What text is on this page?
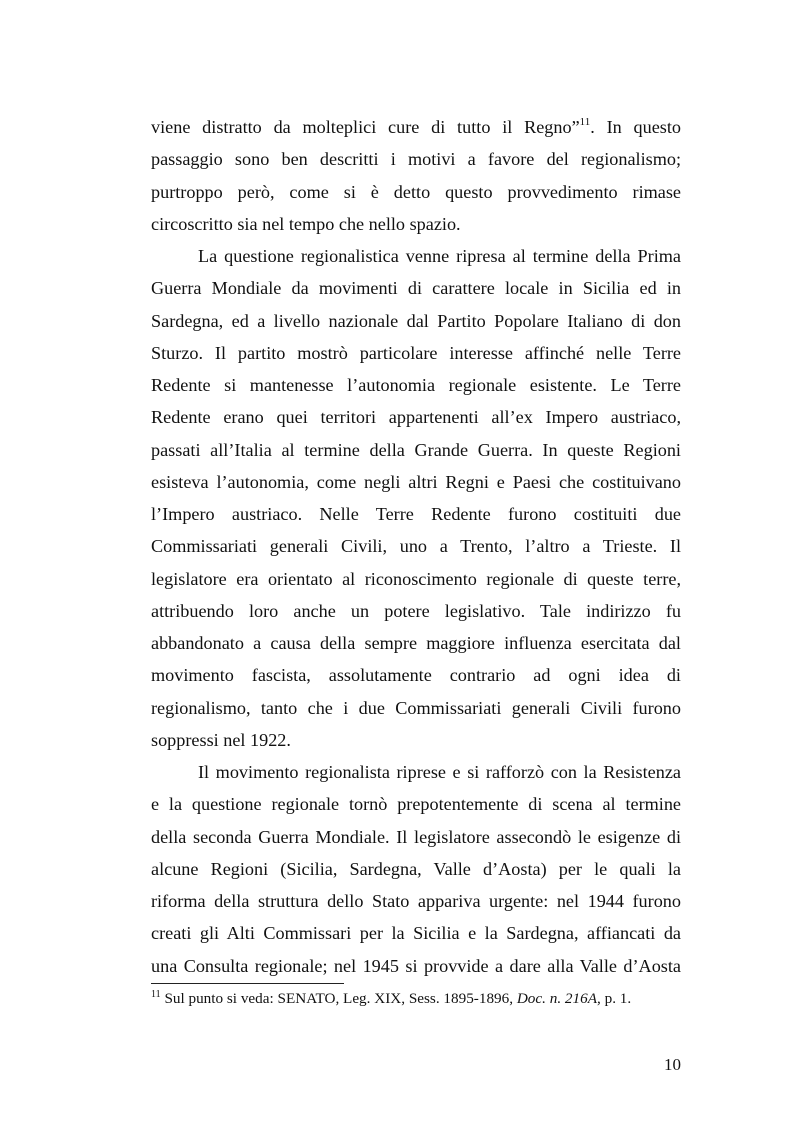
viene distratto da molteplici cure di tutto il Regno”$^{11}$. In questo
passaggio sono ben descritti i motivi a favore del regionalismo;
purtroppo però, come si è detto questo provvedimento rimase
circoscritto sia nel tempo che nello spazio.
La questione regionalistica venne ripresa al termine della Prima
Guerra Mondiale da movimenti di carattere locale in Sicilia ed in
Sardegna, ed a livello nazionale dal Partito Popolare Italiano di don
Sturzo. Il partito mostrò particolare interesse affinché nelle Terre
Redente si mantenesse l’autonomia regionale esistente. Le Terre
Redente erano quei territori appartenenti all’ex Impero austriaco,
passati all’Italia al termine della Grande Guerra. In queste Regioni
esisteva l’autonomia, come negli altri Regni e Paesi che costituivano
l’Impero austriaco. Nelle Terre Redente furono costituiti due
Commissariati generali Civili, uno a Trento, l’altro a Trieste. Il
legislatore era orientato al riconoscimento regionale di queste terre,
attribuendo loro anche un potere legislativo. Tale indirizzo fu
abbandonato a causa della sempre maggiore influenza esercitata dal
movimento fascista, assolutamente contrario ad ogni idea di
regionalismo, tanto che i due Commissariati generali Civili furono
soppressi nel 1922.
Il movimento regionalista riprese e si rafforzò con la Resistenza
e la questione regionale tornò prepotentemente di scena al termine
della seconda Guerra Mondiale. Il legislatore assecondò le esigenze di
alcune Regioni (Sicilia, Sardegna, Valle d’Aosta) per le quali la
riforma della struttura dello Stato appariva urgente: nel 1944 furono
creati gli Alti Commissari per la Sicilia e la Sardegna, affiancati da
una Consulta regionale; nel 1945 si provvide a dare alla Valle d’Aosta
$^{11}$ Sul punto si veda: SENATO, Leg. XIX, Sess. 1895-1896, Doc. n. 216A, p. 1.
10
